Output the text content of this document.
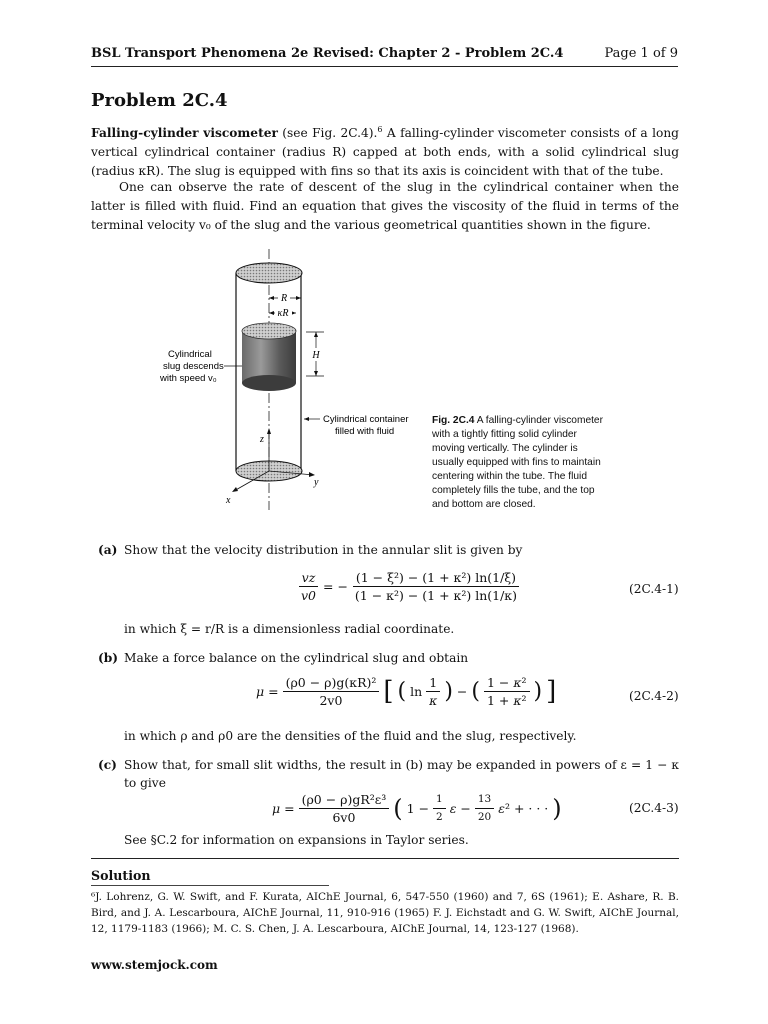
BSL Transport Phenomena 2e Revised: Chapter 2 - Problem 2C.4	Page 1 of 9
Problem 2C.4
Falling-cylinder viscometer (see Fig. 2C.4).$^6$ A falling-cylinder viscometer consists of a long vertical cylindrical container (radius R) capped at both ends, with a solid cylindrical slug (radius κR). The slug is equipped with fins so that its axis is coincident with that of the tube.
One can observe the rate of descent of the slug in the cylindrical container when the latter is filled with fluid. Find an equation that gives the viscosity of the fluid in terms of the terminal velocity v₀ of the slug and the various geometrical quantities shown in the figure.
R
κR
H
Cylindrical
slug descends
with speed v₀
Cylindrical container
filled with fluid
z
y
x
Fig. 2C.4 A falling-cylinder viscometer with a tightly fitting solid cylinder moving vertically. The cylinder is usually equipped with fins to maintain centering within the tube. The fluid completely fills the tube, and the top and bottom are closed.
(a) Show that the velocity distribution in the annular slit is given by
$\frac{vz}{v0}$ = − $\frac{\text{(1 − ξ²) − (1 + κ²) ln(1/ξ)}}{\text{(1 − κ²) − (1 + κ²) ln(1/κ)}}$	(2C.4-1)
in which ξ = r/R is a dimensionless radial coordinate.
(b) Make a force balance on the cylindrical slug and obtain
$\mu = \frac{\text{(ρ0 − ρ)g(κR)²}}{2v0}$ [ ( $\ln \frac{1}{\kappa}$ ) − ( $\frac{\text{1 − κ²}}{\text{1 + κ²}}$ ) ]	(2C.4-2)
in which ρ and ρ0 are the densities of the fluid and the slug, respectively.
(c) Show that, for small slit widths, the result in (b) may be expanded in powers of ε = 1 − κ to give
$\mu = \frac{\text{(ρ0 − ρ)gR²ε³}}{6v0}$ ( $1 - \frac{1}{2}$ $\varepsilon - \frac{13}{20} \varepsilon^2$ + · · · )	(2C.4-3)
See §C.2 for information on expansions in Taylor series.
Solution
⁶J. Lohrenz, G. W. Swift, and F. Kurata, AIChE Journal, 6, 547-550 (1960) and 7, 6S (1961); E. Ashare, R. B. Bird, and J. A. Lescarboura, AIChE Journal, 11, 910-916 (1965) F. J. Eichstadt and G. W. Swift, AIChE Journal, 12, 1179-1183 (1966); M. C. S. Chen, J. A. Lescarboura, AIChE Journal, 14, 123-127 (1968).
www.stemjock.com
